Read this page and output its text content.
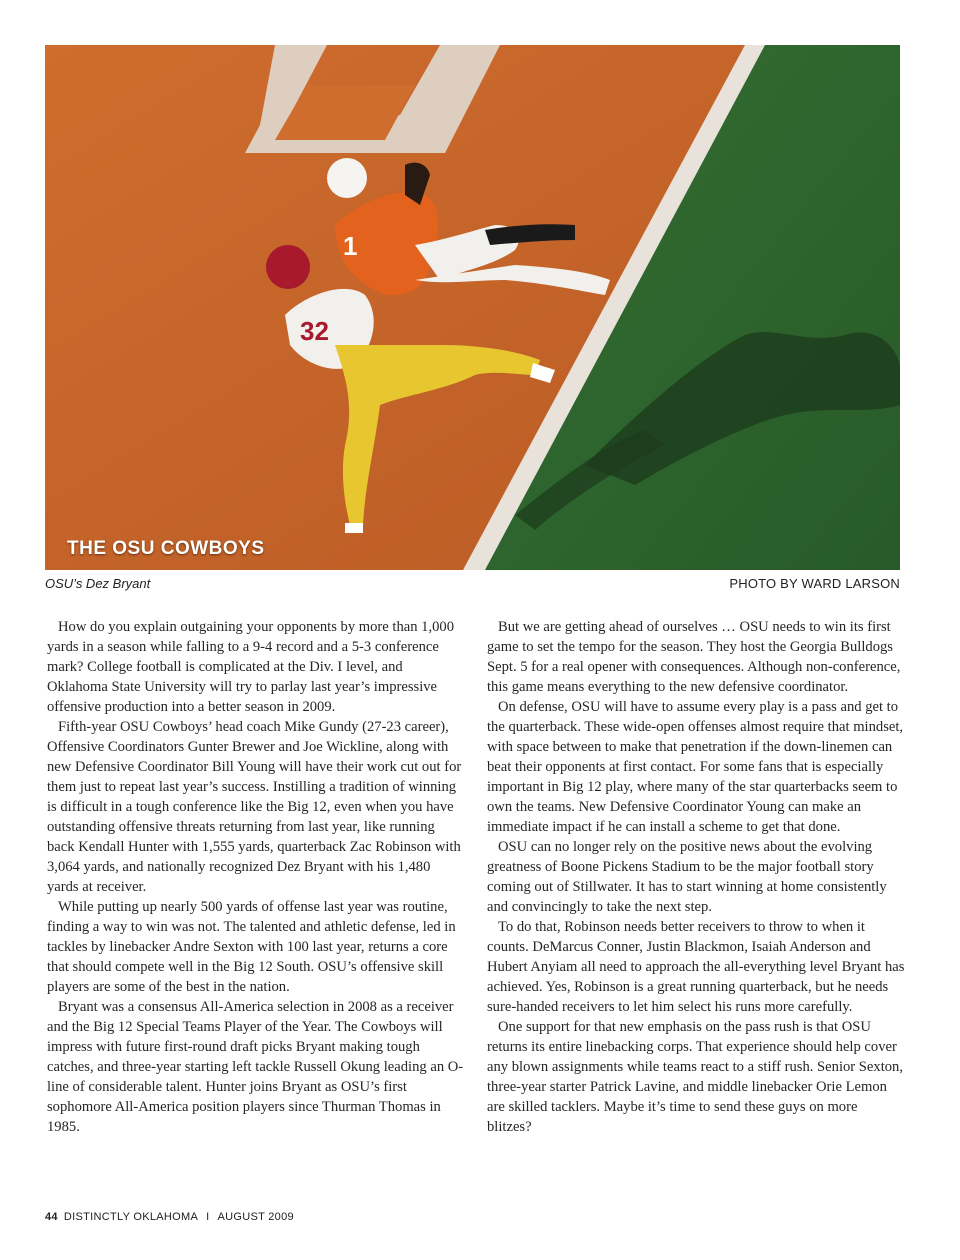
32
1
THE OSU COWBOYS
OSU’s Dez Bryant	PHOTO BY WARD LARSON

How do you explain outgaining your opponents by more than 1,000 yards in a season while falling to a 9-4 record and a 5-3 conference mark? College football is complicated at the Div. I level, and Oklahoma State University will try to parlay last year’s impressive offensive production into a better season in 2009.

Fifth-year OSU Cowboys’ head coach Mike Gundy (27-23 career), Offensive Coordinators Gunter Brewer and Joe Wickline, along with new Defensive Coordinator Bill Young will have their work cut out for them just to repeat last year’s success. Instilling a tradition of winning is difficult in a tough conference like the Big 12, even when you have outstanding offensive threats returning from last year, like running back Kendall Hunter with 1,555 yards, quarterback Zac Robinson with 3,064 yards, and nationally recognized Dez Bryant with his 1,480 yards at receiver.

While putting up nearly 500 yards of offense last year was routine, finding a way to win was not. The talented and athletic defense, led in tackles by linebacker Andre Sexton with 100 last year, returns a core that should compete well in the Big 12 South. OSU’s offensive skill players are some of the best in the nation.

Bryant was a consensus All-America selection in 2008 as a receiver and the Big 12 Special Teams Player of the Year. The Cowboys will impress with future first-round draft picks Bryant making tough catches, and three-year starting left tackle Russell Okung leading an O-line of considerable talent. Hunter joins Bryant as OSU’s first sophomore All-America position players since Thurman Thomas in 1985.

But we are getting ahead of ourselves … OSU needs to win its first game to set the tempo for the season. They host the Georgia Bulldogs Sept. 5 for a real opener with consequences. Although non-conference, this game means everything to the new defensive coordinator.

On defense, OSU will have to assume every play is a pass and get to the quarterback. These wide-open offenses almost require that mindset, with space between to make that penetration if the down-linemen can beat their opponents at first contact. For some fans that is especially important in Big 12 play, where many of the star quarterbacks seem to own the teams. New Defensive Coordinator Young can make an immediate impact if he can install a scheme to get that done.

OSU can no longer rely on the positive news about the evolving greatness of Boone Pickens Stadium to be the major football story coming out of Stillwater. It has to start winning at home consistently and convincingly to take the next step.

To do that, Robinson needs better receivers to throw to when it counts. DeMarcus Conner, Justin Blackmon, Isaiah Anderson and Hubert Anyiam all need to approach the all-everything level Bryant has achieved. Yes, Robinson is a great running quarterback, but he needs sure-handed receivers to let him select his runs more carefully.

One support for that new emphasis on the pass rush is that OSU returns its entire linebacking corps. That experience should help cover any blown assignments while teams react to a stiff rush. Senior Sexton, three-year starter Patrick Lavine, and middle linebacker Orie Lemon are skilled tacklers. Maybe it’s time to send these guys on more blitzes?

44 DISTINCTLY OKLAHOMA I AUGUST 2009
